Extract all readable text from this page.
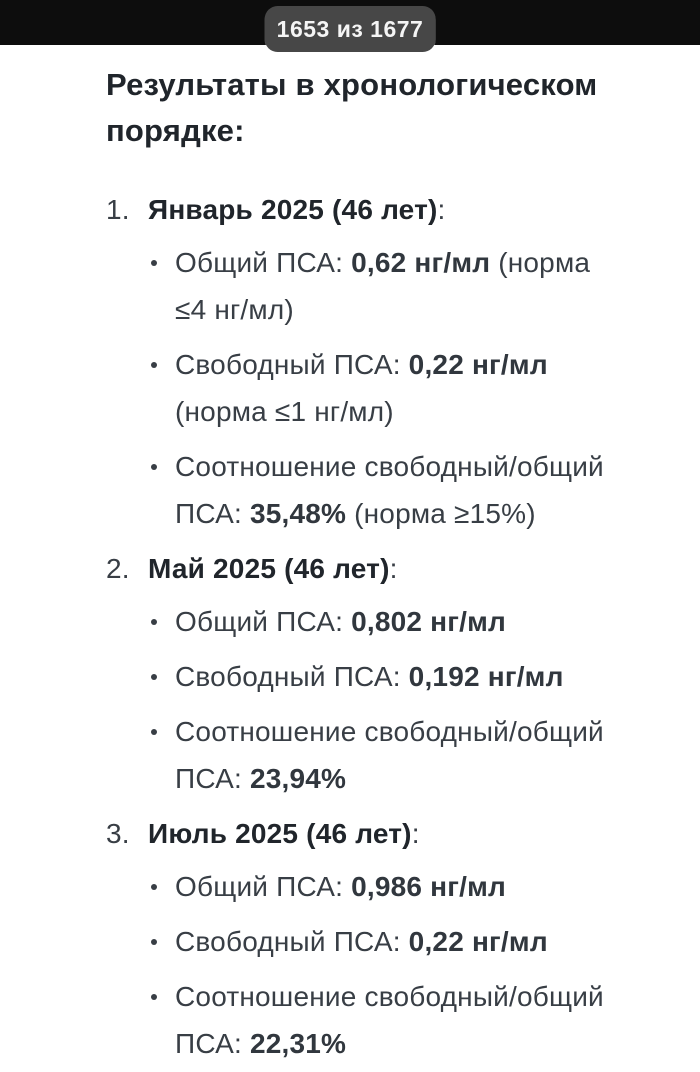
1653 из 1677
Результаты в хронологическом порядке:
1. Январь 2025 (46 лет):
Общий ПСА: 0,62 нг/мл (норма ≤4 нг/мл)
Свободный ПСА: 0,22 нг/мл (норма ≤1 нг/мл)
Соотношение свободный/общий ПСА: 35,48% (норма ≥15%)
2. Май 2025 (46 лет):
Общий ПСА: 0,802 нг/мл
Свободный ПСА: 0,192 нг/мл
Соотношение свободный/общий ПСА: 23,94%
3. Июль 2025 (46 лет):
Общий ПСА: 0,986 нг/мл
Свободный ПСА: 0,22 нг/мл
Соотношение свободный/общий ПСА: 22,31%
